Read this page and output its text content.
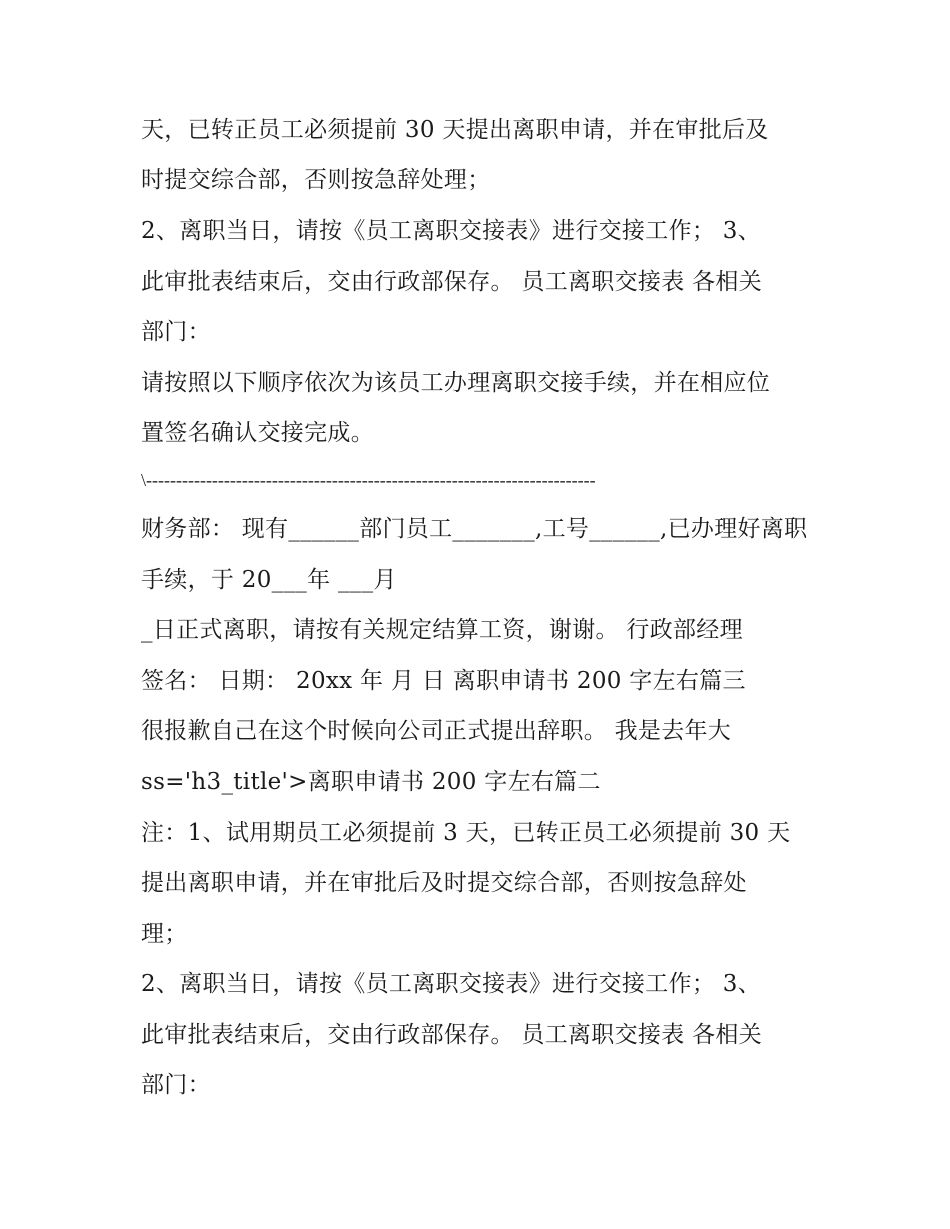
天，已转正员工必须提前 30 天提出离职申请，并在审批后及

时提交综合部，否则按急辞处理；

2、离职当日，请按《员工离职交接表》进行交接工作； 3、

此审批表结束后，交由行政部保存。 员工离职交接表 各相关

部门：

请按照以下顺序依次为该员工办理离职交接手续，并在相应位

置签名确认交接完成。

\---------------------------------------------------------------------------

财务部： 现有______部门员工_______,工号______,已办理好离职

手续，于 20___年 ___月

_日正式离职，请按有关规定结算工资，谢谢。 行政部经理

签名： 日期： 20xx 年 月 日 离职申请书 200 字左右篇三

很报歉自己在这个时候向公司正式提出辞职。 我是去年大

ss='h3_title'>离职申请书 200 字左右篇二

注：1、试用期员工必须提前 3 天，已转正员工必须提前 30 天

提出离职申请，并在审批后及时提交综合部，否则按急辞处

理；

2、离职当日，请按《员工离职交接表》进行交接工作； 3、

此审批表结束后，交由行政部保存。 员工离职交接表 各相关

部门：
